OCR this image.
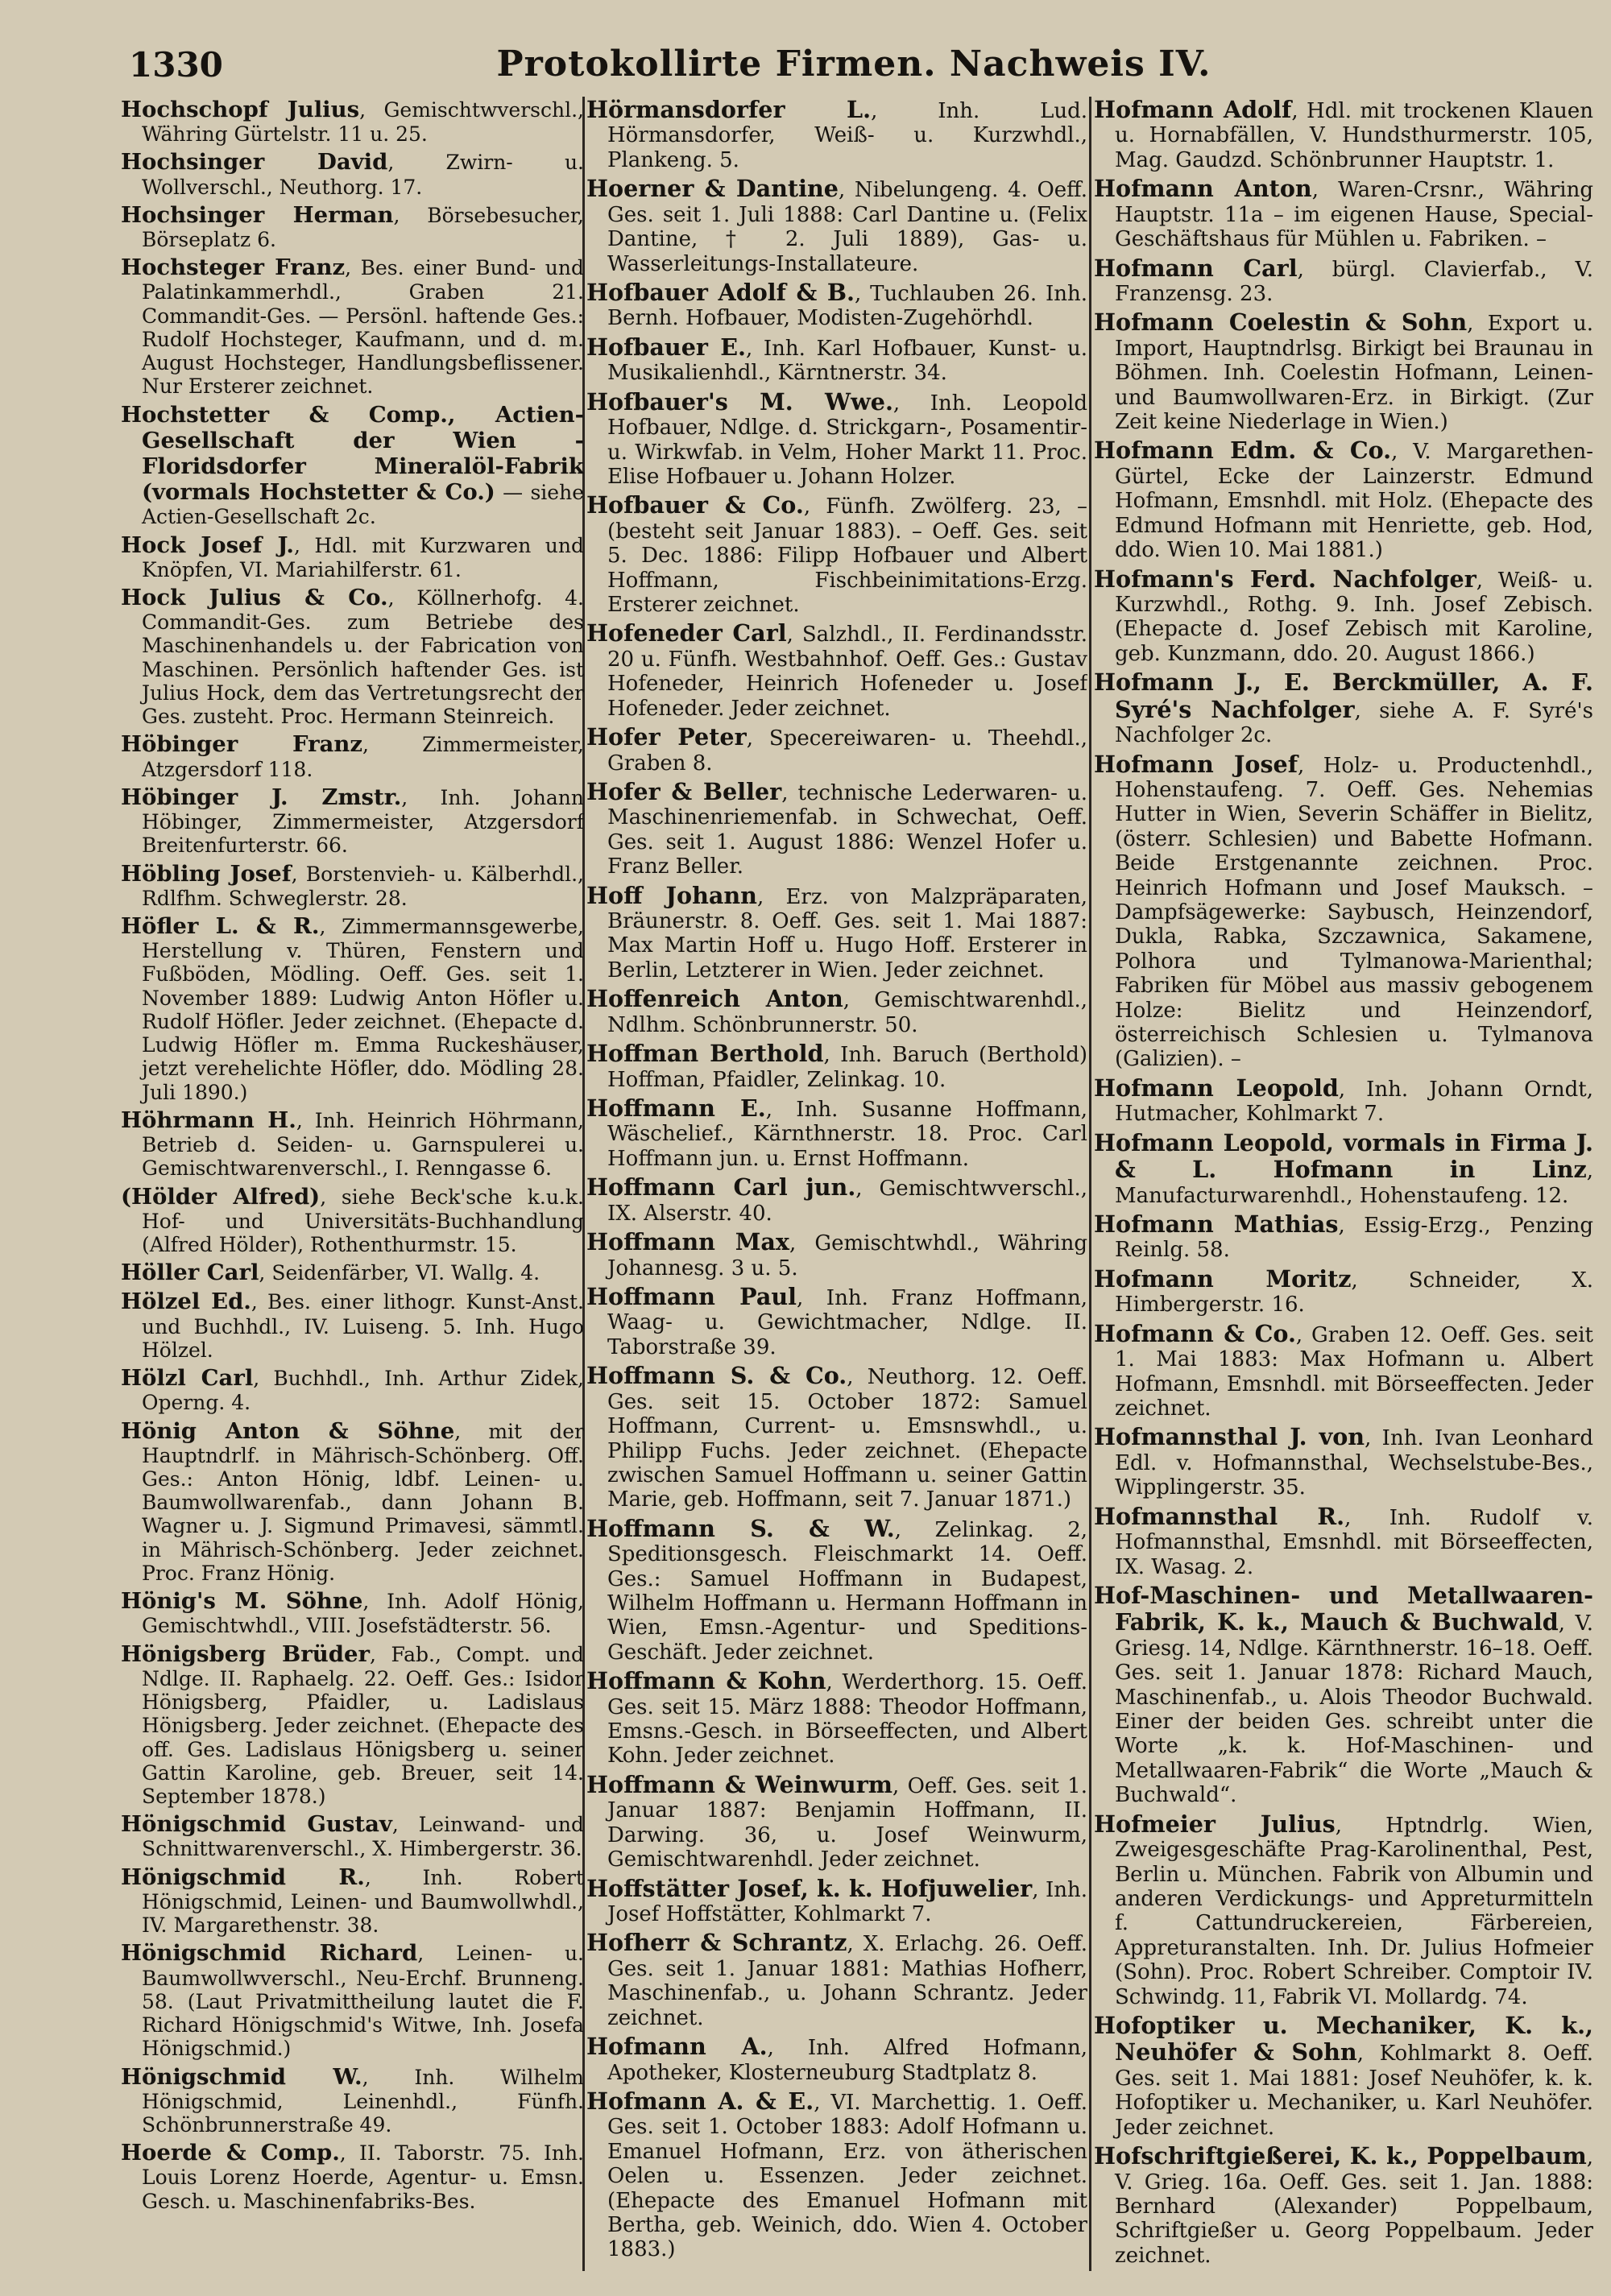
1330	Protokollirte Firmen. Nachweis IV.

Hochschopf Julius, Gemischtwverschl., Währing Gürtelstr. 11 u. 25.

Hochsinger David, Zwirn- u. Wollverschl., Neuthorg. 17.

Hochsinger Herman, Börsebesucher, Börseplatz 6.

Hochsteger Franz, Bes. einer Bund- und Palatinkammerhdl., Graben 21. Commandit-Ges. — Persönl. haftende Ges.: Rudolf Hochsteger, Kaufmann, und d. m. August Hochsteger, Handlungsbeflissener. Nur Ersterer zeichnet.

Hochstetter & Comp., Actien-Gesellschaft der Wien - Floridsdorfer Mineralöl-Fabrik (vormals Hochstetter & Co.) — siehe Actien-Gesellschaft 2c.

Hock Josef J., Hdl. mit Kurzwaren und Knöpfen, VI. Mariahilferstr. 61.

Hock Julius & Co., Köllnerhofg. 4. Commandit-Ges. zum Betriebe des Maschinenhandels u. der Fabrication von Maschinen. Persönlich haftender Ges. ist Julius Hock, dem das Vertretungsrecht der Ges. zusteht. Proc. Hermann Steinreich.

Höbinger Franz, Zimmermeister, Atzgersdorf 118.

Höbinger J. Zmstr., Inh. Johann Höbinger, Zimmermeister, Atzgersdorf Breitenfurterstr. 66.

Höbling Josef, Borstenvieh- u. Kälberhdl., Rdlfhm. Schweglerstr. 28.

Höfler L. & R., Zimmermannsgewerbe, Herstellung v. Thüren, Fenstern und Fußböden, Mödling. Oeff. Ges. seit 1. November 1889: Ludwig Anton Höfler u. Rudolf Höfler. Jeder zeichnet. (Ehepacte d. Ludwig Höfler m. Emma Ruckeshäuser, jetzt verehelichte Höfler, ddo. Mödling 28. Juli 1890.)

Höhrmann H., Inh. Heinrich Höhrmann, Betrieb d. Seiden- u. Garnspulerei u. Gemischtwarenverschl., I. Renngasse 6.

(Hölder Alfred), siehe Beck'sche k.u.k. Hof- und Universitäts-Buchhandlung (Alfred Hölder), Rothenthurmstr. 15.

Höller Carl, Seidenfärber, VI. Wallg. 4.

Hölzel Ed., Bes. einer lithogr. Kunst-Anst. und Buchhdl., IV. Luiseng. 5. Inh. Hugo Hölzel.

Hölzl Carl, Buchhdl., Inh. Arthur Zidek, Operng. 4.

Hönig Anton & Söhne, mit der Hauptndrlf. in Mährisch-Schönberg. Off. Ges.: Anton Hönig, ldbf. Leinen- u. Baumwollwarenfab., dann Johann B. Wagner u. J. Sigmund Primavesi, sämmtl. in Mährisch-Schönberg. Jeder zeichnet. Proc. Franz Hönig.

Hönig's M. Söhne, Inh. Adolf Hönig, Gemischtwhdl., VIII. Josefstädterstr. 56.

Hönigsberg Brüder, Fab., Compt. und Ndlge. II. Raphaelg. 22. Oeff. Ges.: Isidor Hönigsberg, Pfaidler, u. Ladislaus Hönigsberg. Jeder zeichnet. (Ehepacte des off. Ges. Ladislaus Hönigsberg u. seiner Gattin Karoline, geb. Breuer, seit 14. September 1878.)

Hönigschmid Gustav, Leinwand- und Schnittwarenverschl., X. Himbergerstr. 36.

Hönigschmid R., Inh. Robert Hönigschmid, Leinen- und Baumwollwhdl., IV. Margarethenstr. 38.

Hönigschmid Richard, Leinen- u. Baumwollwverschl., Neu-Erchf. Brunneng. 58. (Laut Privatmittheilung lautet die F. Richard Hönigschmid's Witwe, Inh. Josefa Hönigschmid.)

Hönigschmid W., Inh. Wilhelm Hönigschmid, Leinenhdl., Fünfh. Schönbrunnerstraße 49.

Hoerde & Comp., II. Taborstr. 75. Inh. Louis Lorenz Hoerde, Agentur- u. Emsn. Gesch. u. Maschinenfabriks-Bes.

Hörmansdorfer L., Inh. Lud. Hörmansdorfer, Weiß- u. Kurzwhdl., Plankeng. 5.

Hoerner & Dantine, Nibelungeng. 4. Oeff. Ges. seit 1. Juli 1888: Carl Dantine u. (Felix Dantine, † 2. Juli 1889), Gas- u. Wasserleitungs-Installateure.

Hofbauer Adolf & B., Tuchlauben 26. Inh. Bernh. Hofbauer, Modisten-Zugehörhdl.

Hofbauer E., Inh. Karl Hofbauer, Kunst- u. Musikalienhdl., Kärntnerstr. 34.

Hofbauer's M. Wwe., Inh. Leopold Hofbauer, Ndlge. d. Strickgarn-, Posamentir- u. Wirkwfab. in Velm, Hoher Markt 11. Proc. Elise Hofbauer u. Johann Holzer.

Hofbauer & Co., Fünfh. Zwölferg. 23, – (besteht seit Januar 1883). – Oeff. Ges. seit 5. Dec. 1886: Filipp Hofbauer und Albert Hoffmann, Fischbeinimitations-Erzg. Ersterer zeichnet.

Hofeneder Carl, Salzhdl., II. Ferdinandsstr. 20 u. Fünfh. Westbahnhof. Oeff. Ges.: Gustav Hofeneder, Heinrich Hofeneder u. Josef Hofeneder. Jeder zeichnet.

Hofer Peter, Specereiwaren- u. Theehdl., Graben 8.

Hofer & Beller, technische Lederwaren- u. Maschinenriemenfab. in Schwechat, Oeff. Ges. seit 1. August 1886: Wenzel Hofer u. Franz Beller.

Hoff Johann, Erz. von Malzpräparaten, Bräunerstr. 8. Oeff. Ges. seit 1. Mai 1887: Max Martin Hoff u. Hugo Hoff. Ersterer in Berlin, Letzterer in Wien. Jeder zeichnet.

Hoffenreich Anton, Gemischtwarenhdl., Ndlhm. Schönbrunnerstr. 50.

Hoffman Berthold, Inh. Baruch (Berthold) Hoffman, Pfaidler, Zelinkag. 10.

Hoffmann E., Inh. Susanne Hoffmann, Wäschelief., Kärnthnerstr. 18. Proc. Carl Hoffmann jun. u. Ernst Hoffmann.

Hoffmann Carl jun., Gemischtwverschl., IX. Alserstr. 40.

Hoffmann Max, Gemischtwhdl., Währing Johannesg. 3 u. 5.

Hoffmann Paul, Inh. Franz Hoffmann, Waag- u. Gewichtmacher, Ndlge. II. Taborstraße 39.

Hoffmann S. & Co., Neuthorg. 12. Oeff. Ges. seit 15. October 1872: Samuel Hoffmann, Current- u. Emsnswhdl., u. Philipp Fuchs. Jeder zeichnet. (Ehepacte zwischen Samuel Hoffmann u. seiner Gattin Marie, geb. Hoffmann, seit 7. Januar 1871.)

Hoffmann S. & W., Zelinkag. 2, Speditionsgesch. Fleischmarkt 14. Oeff. Ges.: Samuel Hoffmann in Budapest, Wilhelm Hoffmann u. Hermann Hoffmann in Wien, Emsn.-Agentur- und Speditions-Geschäft. Jeder zeichnet.

Hoffmann & Kohn, Werderthorg. 15. Oeff. Ges. seit 15. März 1888: Theodor Hoffmann, Emsns.-Gesch. in Börseeffecten, und Albert Kohn. Jeder zeichnet.

Hoffmann & Weinwurm, Oeff. Ges. seit 1. Januar 1887: Benjamin Hoffmann, II. Darwing. 36, u. Josef Weinwurm, Gemischtwarenhdl. Jeder zeichnet.

Hoffstätter Josef, k. k. Hofjuwelier, Inh. Josef Hoffstätter, Kohlmarkt 7.

Hofherr & Schrantz, X. Erlachg. 26. Oeff. Ges. seit 1. Januar 1881: Mathias Hofherr, Maschinenfab., u. Johann Schrantz. Jeder zeichnet.

Hofmann A., Inh. Alfred Hofmann, Apotheker, Klosterneuburg Stadtplatz 8.

Hofmann A. & E., VI. Marchettig. 1. Oeff. Ges. seit 1. October 1883: Adolf Hofmann u. Emanuel Hofmann, Erz. von ätherischen Oelen u. Essenzen. Jeder zeichnet. (Ehepacte des Emanuel Hofmann mit Bertha, geb. Weinich, ddo. Wien 4. October 1883.)

Hofmann Adolf, Hdl. mit trockenen Klauen u. Hornabfällen, V. Hundsthurmerstr. 105, Mag. Gaudzd. Schönbrunner Hauptstr. 1.

Hofmann Anton, Waren-Crsnr., Währing Hauptstr. 11a – im eigenen Hause, Special-Geschäftshaus für Mühlen u. Fabriken. –

Hofmann Carl, bürgl. Clavierfab., V. Franzensg. 23.

Hofmann Coelestin & Sohn, Export u. Import, Hauptndrlsg. Birkigt bei Braunau in Böhmen. Inh. Coelestin Hofmann, Leinen- und Baumwollwaren-Erz. in Birkigt. (Zur Zeit keine Niederlage in Wien.)

Hofmann Edm. & Co., V. Margarethen-Gürtel, Ecke der Lainzerstr. Edmund Hofmann, Emsnhdl. mit Holz. (Ehepacte des Edmund Hofmann mit Henriette, geb. Hod, ddo. Wien 10. Mai 1881.)

Hofmann's Ferd. Nachfolger, Weiß- u. Kurzwhdl., Rothg. 9. Inh. Josef Zebisch. (Ehepacte d. Josef Zebisch mit Karoline, geb. Kunzmann, ddo. 20. August 1866.)

Hofmann J., E. Berckmüller, A. F. Syré's Nachfolger, siehe A. F. Syré's Nachfolger 2c.

Hofmann Josef, Holz- u. Productenhdl., Hohenstaufeng. 7. Oeff. Ges. Nehemias Hutter in Wien, Severin Schäffer in Bielitz, (österr. Schlesien) und Babette Hofmann. Beide Erstgenannte zeichnen. Proc. Heinrich Hofmann und Josef Mauksch. – Dampfsägewerke: Saybusch, Heinzendorf, Dukla, Rabka, Szczawnica, Sakamene, Polhora und Tylmanowa-Marienthal; Fabriken für Möbel aus massiv gebogenem Holze: Bielitz und Heinzendorf, österreichisch Schlesien u. Tylmanova (Galizien). –

Hofmann Leopold, Inh. Johann Orndt, Hutmacher, Kohlmarkt 7.

Hofmann Leopold, vormals in Firma J. & L. Hofmann in Linz, Manufacturwarenhdl., Hohenstaufeng. 12.

Hofmann Mathias, Essig-Erzg., Penzing Reinlg. 58.

Hofmann Moritz, Schneider, X. Himbergerstr. 16.

Hofmann & Co., Graben 12. Oeff. Ges. seit 1. Mai 1883: Max Hofmann u. Albert Hofmann, Emsnhdl. mit Börseeffecten. Jeder zeichnet.

Hofmannsthal J. von, Inh. Ivan Leonhard Edl. v. Hofmannsthal, Wechselstube-Bes., Wipplingerstr. 35.

Hofmannsthal R., Inh. Rudolf v. Hofmannsthal, Emsnhdl. mit Börseeffecten, IX. Wasag. 2.

Hof-Maschinen- und Metallwaaren-Fabrik, K. k., Mauch & Buchwald, V. Griesg. 14, Ndlge. Kärnthnerstr. 16–18. Oeff. Ges. seit 1. Januar 1878: Richard Mauch, Maschinenfab., u. Alois Theodor Buchwald. Einer der beiden Ges. schreibt unter die Worte „k. k. Hof-Maschinen- und Metallwaaren-Fabrik“ die Worte „Mauch & Buchwald“.

Hofmeier Julius, Hptndrlg. Wien, Zweigesgeschäfte Prag-Karolinenthal, Pest, Berlin u. München. Fabrik von Albumin und anderen Verdickungs- und Appreturmitteln f. Cattundruckereien, Färbereien, Appreturanstalten. Inh. Dr. Julius Hofmeier (Sohn). Proc. Robert Schreiber. Comptoir IV. Schwindg. 11, Fabrik VI. Mollardg. 74.

Hofoptiker u. Mechaniker, K. k., Neuhöfer & Sohn, Kohlmarkt 8. Oeff. Ges. seit 1. Mai 1881: Josef Neuhöfer, k. k. Hofoptiker u. Mechaniker, u. Karl Neuhöfer. Jeder zeichnet.

Hofschriftgießerei, K. k., Poppelbaum, V. Grieg. 16a. Oeff. Ges. seit 1. Jan. 1888: Bernhard (Alexander) Poppelbaum, Schriftgießer u. Georg Poppelbaum. Jeder zeichnet.
